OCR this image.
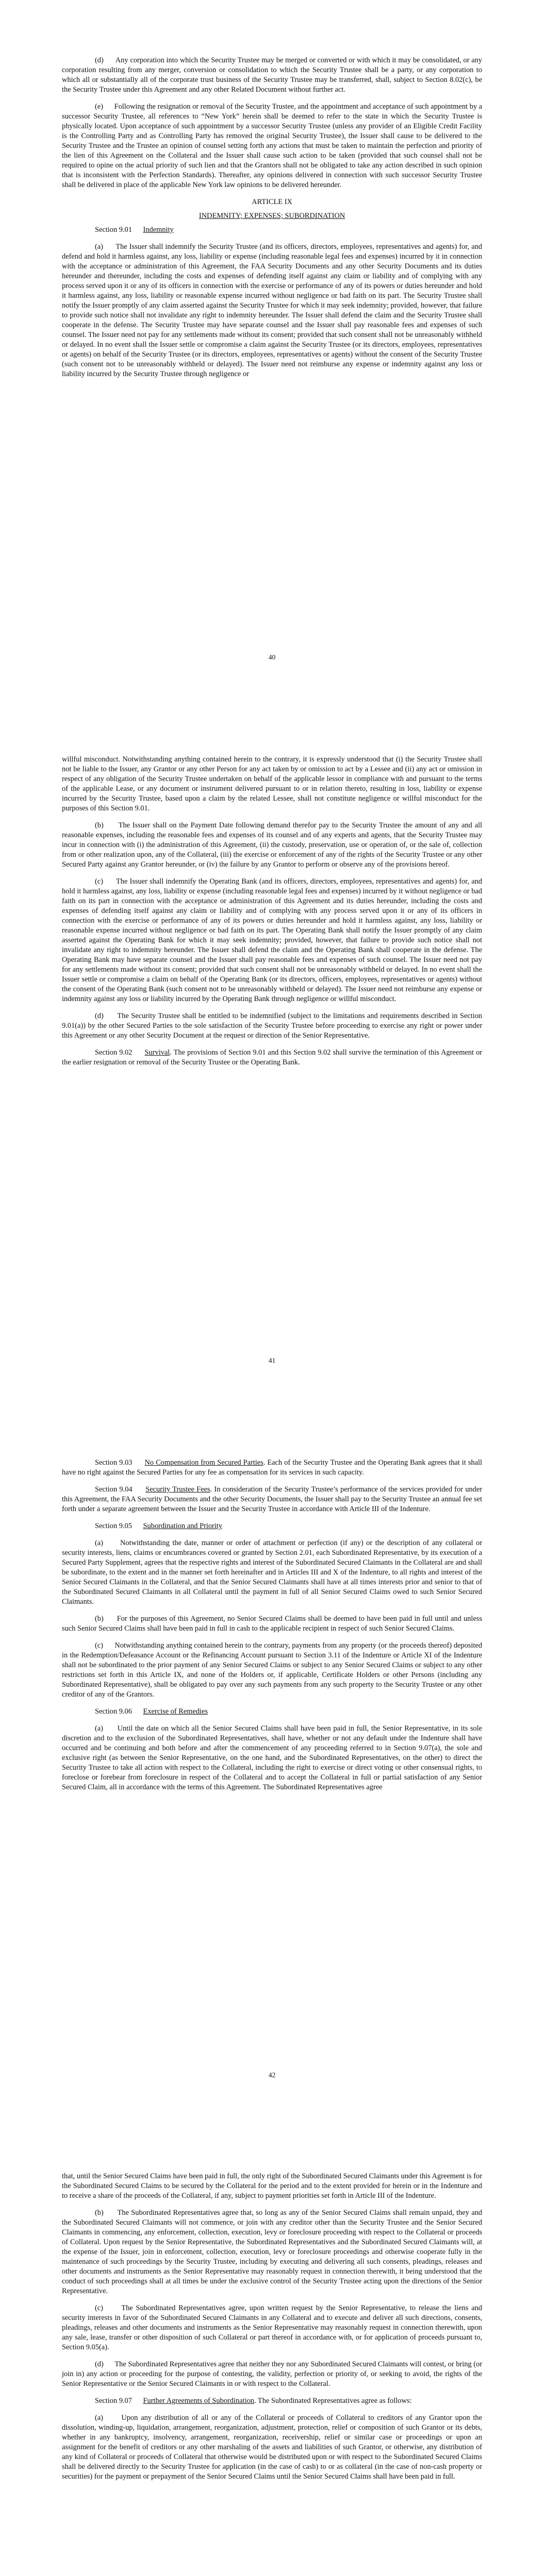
(d)      Any corporation into which the Security Trustee may be merged or converted or with which it may be consolidated, or any corporation resulting from any merger, conversion or consolidation to which the Security Trustee shall be a party, or any corporation to which all or substantially all of the corporate trust business of the Security Trustee may be transferred, shall, subject to Section 8.02(c), be the Security Trustee under this Agreement and any other Related Document without further act.

(e)      Following the resignation or removal of the Security Trustee, and the appointment and acceptance of such appointment by a successor Security Trustee, all references to “New York” herein shall be deemed to refer to the state in which the Security Trustee is physically located. Upon acceptance of such appointment by a successor Security Trustee (unless any provider of an Eligible Credit Facility is the Controlling Party and as Controlling Party has removed the original Security Trustee), the Issuer shall cause to be delivered to the Security Trustee and the Trustee an opinion of counsel setting forth any actions that must be taken to maintain the perfection and priority of the lien of this Agreement on the Collateral and the Issuer shall cause such action to be taken (provided that such counsel shall not be required to opine on the actual priority of such lien and that the Grantors shall not be obligated to take any action described in such opinion that is inconsistent with the Perfection Standards). Thereafter, any opinions delivered in connection with such successor Security Trustee shall be delivered in place of the applicable New York law opinions to be delivered hereunder.

ARTICLE IX

INDEMNITY; EXPENSES; SUBORDINATION

Section 9.01 Indemnity

(a)      The Issuer shall indemnify the Security Trustee (and its officers, directors, employees, representatives and agents) for, and defend and hold it harmless against, any loss, liability or expense (including reasonable legal fees and expenses) incurred by it in connection with the acceptance or administration of this Agreement, the FAA Security Documents and any other Security Documents and its duties hereunder and thereunder, including the costs and expenses of defending itself against any claim or liability and of complying with any process served upon it or any of its officers in connection with the exercise or performance of any of its powers or duties hereunder and hold it harmless against, any loss, liability or reasonable expense incurred without negligence or bad faith on its part. The Security Trustee shall notify the Issuer promptly of any claim asserted against the Security Trustee for which it may seek indemnity; provided, however, that failure to provide such notice shall not invalidate any right to indemnity hereunder. The Issuer shall defend the claim and the Security Trustee shall cooperate in the defense. The Security Trustee may have separate counsel and the Issuer shall pay reasonable fees and expenses of such counsel. The Issuer need not pay for any settlements made without its consent; provided that such consent shall not be unreasonably withheld or delayed. In no event shall the Issuer settle or compromise a claim against the Security Trustee (or its directors, employees, representatives or agents) on behalf of the Security Trustee (or its directors, employees, representatives or agents) without the consent of the Security Trustee (such consent not to be unreasonably withheld or delayed). The Issuer need not reimburse any expense or indemnity against any loss or liability incurred by the Security Trustee through negligence or

40

willful misconduct. Notwithstanding anything contained herein to the contrary, it is expressly understood that (i) the Security Trustee shall not be liable to the Issuer, any Grantor or any other Person for any act taken by or omission to act by a Lessee and (ii) any act or omission in respect of any obligation of the Security Trustee undertaken on behalf of the applicable lessor in compliance with and pursuant to the terms of the applicable Lease, or any document or instrument delivered pursuant to or in relation thereto, resulting in loss, liability or expense incurred by the Security Trustee, based upon a claim by the related Lessee, shall not constitute negligence or willful misconduct for the purposes of this Section 9.01.

(b)      The Issuer shall on the Payment Date following demand therefor pay to the Security Trustee the amount of any and all reasonable expenses, including the reasonable fees and expenses of its counsel and of any experts and agents, that the Security Trustee may incur in connection with (i) the administration of this Agreement, (ii) the custody, preservation, use or operation of, or the sale of, collection from or other realization upon, any of the Collateral, (iii) the exercise or enforcement of any of the rights of the Security Trustee or any other Secured Party against any Grantor hereunder, or (iv) the failure by any Grantor to perform or observe any of the provisions hereof.

(c)      The Issuer shall indemnify the Operating Bank (and its officers, directors, employees, representatives and agents) for, and hold it harmless against, any loss, liability or expense (including reasonable legal fees and expenses) incurred by it without negligence or bad faith on its part in connection with the acceptance or administration of this Agreement and its duties hereunder, including the costs and expenses of defending itself against any claim or liability and of complying with any process served upon it or any of its officers in connection with the exercise or performance of any of its powers or duties hereunder and hold it harmless against, any loss, liability or reasonable expense incurred without negligence or bad faith on its part. The Operating Bank shall notify the Issuer promptly of any claim asserted against the Operating Bank for which it may seek indemnity; provided, however, that failure to provide such notice shall not invalidate any right to indemnity hereunder. The Issuer shall defend the claim and the Operating Bank shall cooperate in the defense. The Operating Bank may have separate counsel and the Issuer shall pay reasonable fees and expenses of such counsel. The Issuer need not pay for any settlements made without its consent; provided that such consent shall not be unreasonably withheld or delayed. In no event shall the Issuer settle or compromise a claim on behalf of the Operating Bank (or its directors, officers, employees, representatives or agents) without the consent of the Operating Bank (such consent not to be unreasonably withheld or delayed). The Issuer need not reimburse any expense or indemnity against any loss or liability incurred by the Operating Bank through negligence or willful misconduct.

(d)      The Security Trustee shall be entitled to be indemnified (subject to the limitations and requirements described in Section 9.01(a)) by the other Secured Parties to the sole satisfaction of the Security Trustee before proceeding to exercise any right or power under this Agreement or any other Security Document at the request or direction of the Senior Representative.

Section 9.02 Survival. The provisions of Section 9.01 and this Section 9.02 shall survive the termination of this Agreement or the earlier resignation or removal of the Security Trustee or the Operating Bank.

41

Section 9.03 No Compensation from Secured Parties. Each of the Security Trustee and the Operating Bank agrees that it shall have no right against the Secured Parties for any fee as compensation for its services in such capacity.

Section 9.04 Security Trustee Fees. In consideration of the Security Trustee’s performance of the services provided for under this Agreement, the FAA Security Documents and the other Security Documents, the Issuer shall pay to the Security Trustee an annual fee set forth under a separate agreement between the Issuer and the Security Trustee in accordance with Article III of the Indenture.

Section 9.05 Subordination and Priority

(a)      Notwithstanding the date, manner or order of attachment or perfection (if any) or the description of any collateral or security interests, liens, claims or encumbrances covered or granted by Section 2.01, each Subordinated Representative, by its execution of a Secured Party Supplement, agrees that the respective rights and interest of the Subordinated Secured Claimants in the Collateral are and shall be subordinate, to the extent and in the manner set forth hereinafter and in Articles III and X of the Indenture, to all rights and interest of the Senior Secured Claimants in the Collateral, and that the Senior Secured Claimants shall have at all times interests prior and senior to that of the Subordinated Secured Claimants in all Collateral until the payment in full of all Senior Secured Claims owed to such Senior Secured Claimants.

(b)      For the purposes of this Agreement, no Senior Secured Claims shall be deemed to have been paid in full until and unless such Senior Secured Claims shall have been paid in full in cash to the applicable recipient in respect of such Senior Secured Claims.

(c)      Notwithstanding anything contained herein to the contrary, payments from any property (or the proceeds thereof) deposited in the Redemption/Defeasance Account or the Refinancing Account pursuant to Section 3.11 of the Indenture or Article XI of the Indenture shall not be subordinated to the prior payment of any Senior Secured Claims or subject to any Senior Secured Claims or subject to any other restrictions set forth in this Article IX, and none of the Holders or, if applicable, Certificate Holders or other Persons (including any Subordinated Representative), shall be obligated to pay over any such payments from any such property to the Security Trustee or any other creditor of any of the Grantors.

Section 9.06 Exercise of Remedies

(a)      Until the date on which all the Senior Secured Claims shall have been paid in full, the Senior Representative, in its sole discretion and to the exclusion of the Subordinated Representatives, shall have, whether or not any default under the Indenture shall have occurred and be continuing and both before and after the commencement of any proceeding referred to in Section 9.07(a), the sole and exclusive right (as between the Senior Representative, on the one hand, and the Subordinated Representatives, on the other) to direct the Security Trustee to take all action with respect to the Collateral, including the right to exercise or direct voting or other consensual rights, to foreclose or forebear from foreclosure in respect of the Collateral and to accept the Collateral in full or partial satisfaction of any Senior Secured Claim, all in accordance with the terms of this Agreement. The Subordinated Representatives agree

42

that, until the Senior Secured Claims have been paid in full, the only right of the Subordinated Secured Claimants under this Agreement is for the Subordinated Secured Claims to be secured by the Collateral for the period and to the extent provided for herein or in the Indenture and to receive a share of the proceeds of the Collateral, if any, subject to payment priorities set forth in Article III of the Indenture.

(b)      The Subordinated Representatives agree that, so long as any of the Senior Secured Claims shall remain unpaid, they and the Subordinated Secured Claimants will not commence, or join with any creditor other than the Security Trustee and the Senior Secured Claimants in commencing, any enforcement, collection, execution, levy or foreclosure proceeding with respect to the Collateral or proceeds of Collateral. Upon request by the Senior Representative, the Subordinated Representatives and the Subordinated Secured Claimants will, at the expense of the Issuer, join in enforcement, collection, execution, levy or foreclosure proceedings and otherwise cooperate fully in the maintenance of such proceedings by the Security Trustee, including by executing and delivering all such consents, pleadings, releases and other documents and instruments as the Senior Representative may reasonably request in connection therewith, it being understood that the conduct of such proceedings shall at all times be under the exclusive control of the Security Trustee acting upon the directions of the Senior Representative.

(c)      The Subordinated Representatives agree, upon written request by the Senior Representative, to release the liens and security interests in favor of the Subordinated Secured Claimants in any Collateral and to execute and deliver all such directions, consents, pleadings, releases and other documents and instruments as the Senior Representative may reasonably request in connection therewith, upon any sale, lease, transfer or other disposition of such Collateral or part thereof in accordance with, or for application of proceeds pursuant to, Section 9.05(a).

(d)      The Subordinated Representatives agree that neither they nor any Subordinated Secured Claimants will contest, or bring (or join in) any action or proceeding for the purpose of contesting, the validity, perfection or priority of, or seeking to avoid, the rights of the Senior Representative or the Senior Secured Claimants in or with respect to the Collateral.

Section 9.07 Further Agreements of Subordination. The Subordinated Representatives agree as follows:

(a)      Upon any distribution of all or any of the Collateral or proceeds of Collateral to creditors of any Grantor upon the dissolution, winding-up, liquidation, arrangement, reorganization, adjustment, protection, relief or composition of such Grantor or its debts, whether in any bankruptcy, insolvency, arrangement, reorganization, receivership, relief or similar case or proceedings or upon an assignment for the benefit of creditors or any other marshaling of the assets and liabilities of such Grantor, or otherwise, any distribution of any kind of Collateral or proceeds of Collateral that otherwise would be distributed upon or with respect to the Subordinated Secured Claims shall be delivered directly to the Security Trustee for application (in the case of cash) to or as collateral (in the case of non-cash property or securities) for the payment or prepayment of the Senior Secured Claims until the Senior Secured Claims shall have been paid in full.
